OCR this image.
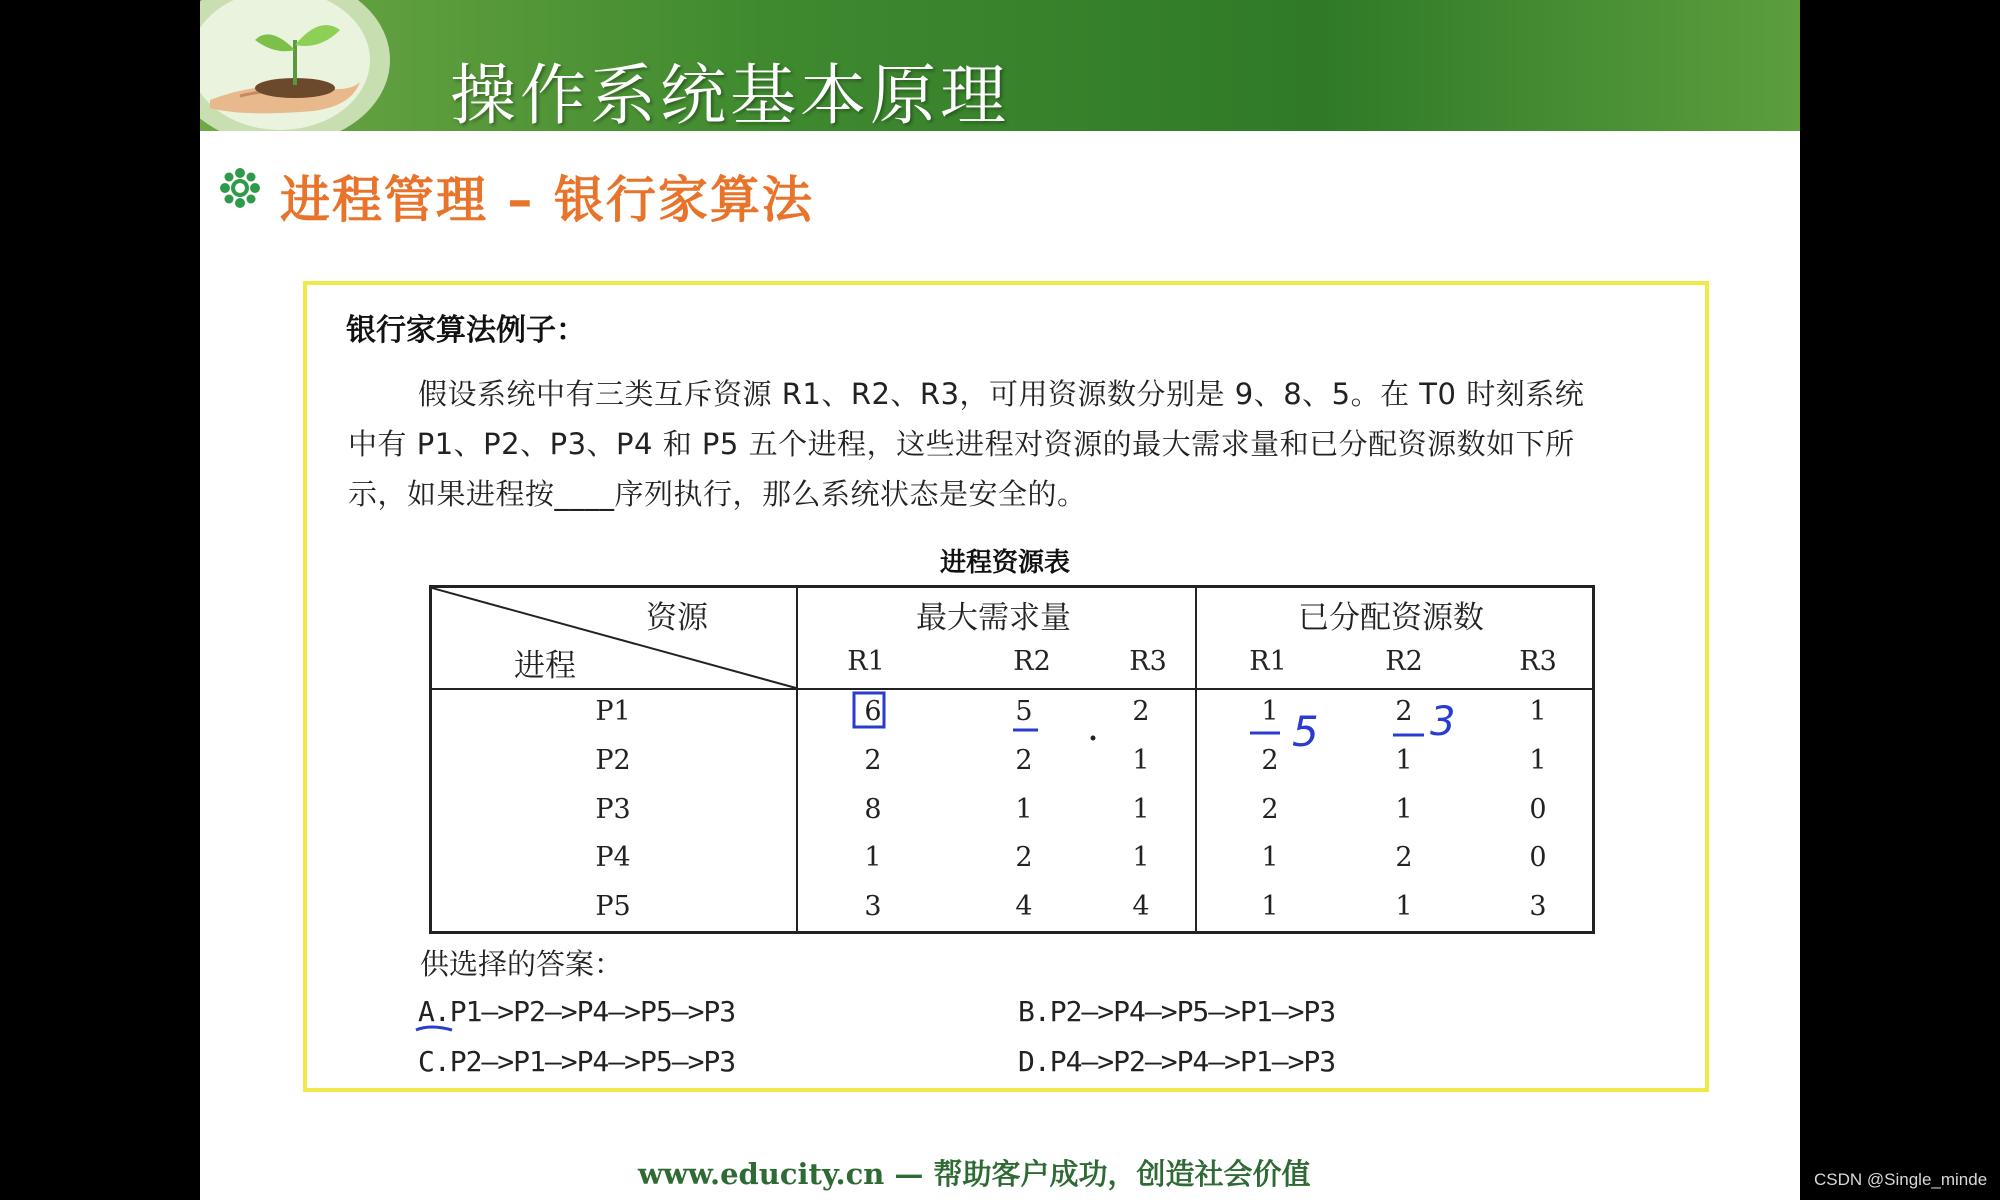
操作系统基本原理
进程管理 – 银行家算法
银行家算法例子：
假设系统中有三类互斥资源 R1、R2、R3，可用资源数分别是 9、8、5。在 T0 时刻系统
中有 P1、P2、P3、P4 和 P5 五个进程，这些进程对资源的最大需求量和已分配资源数如下所
示，如果进程按____序列执行，那么系统状态是安全的。
进程资源表
资源
进程
最大需求量	已分配资源数
R1	R2	R3	R1	R2	R3
P1	6	5	2	1	2	1
P2	2	2	1	2	1	1
P3	8	1	1	2	1	0
P4	1	2	1	1	2	0
P5	3	4	4	1	1	3
供选择的答案：
A.P1—>P2—>P4—>P5—>P3	B.P2—>P4—>P5—>P1—>P3
C.P2—>P1—>P4—>P5—>P3	D.P4—>P2—>P4—>P1—>P3
www.educity.cn — 帮助客户成功，创造社会价值
5	3
CSDN @Single_minde
